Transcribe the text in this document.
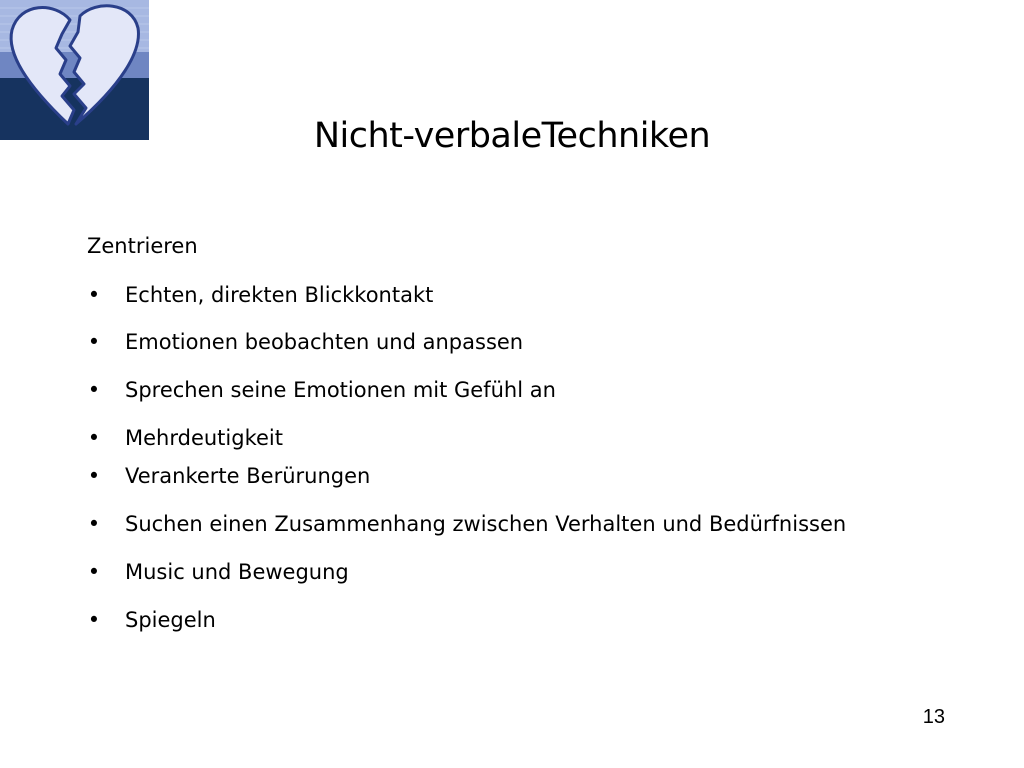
Nicht-verbaleTechniken
Zentrieren
• Echten, direkten Blickkontakt
• Emotionen beobachten und anpassen
• Sprechen seine Emotionen mit Gefühl an
• Mehrdeutigkeit
• Verankerte Berürungen
• Suchen einen Zusammenhang zwischen Verhalten und Bedürfnissen
• Music und Bewegung
• Spiegeln
13
